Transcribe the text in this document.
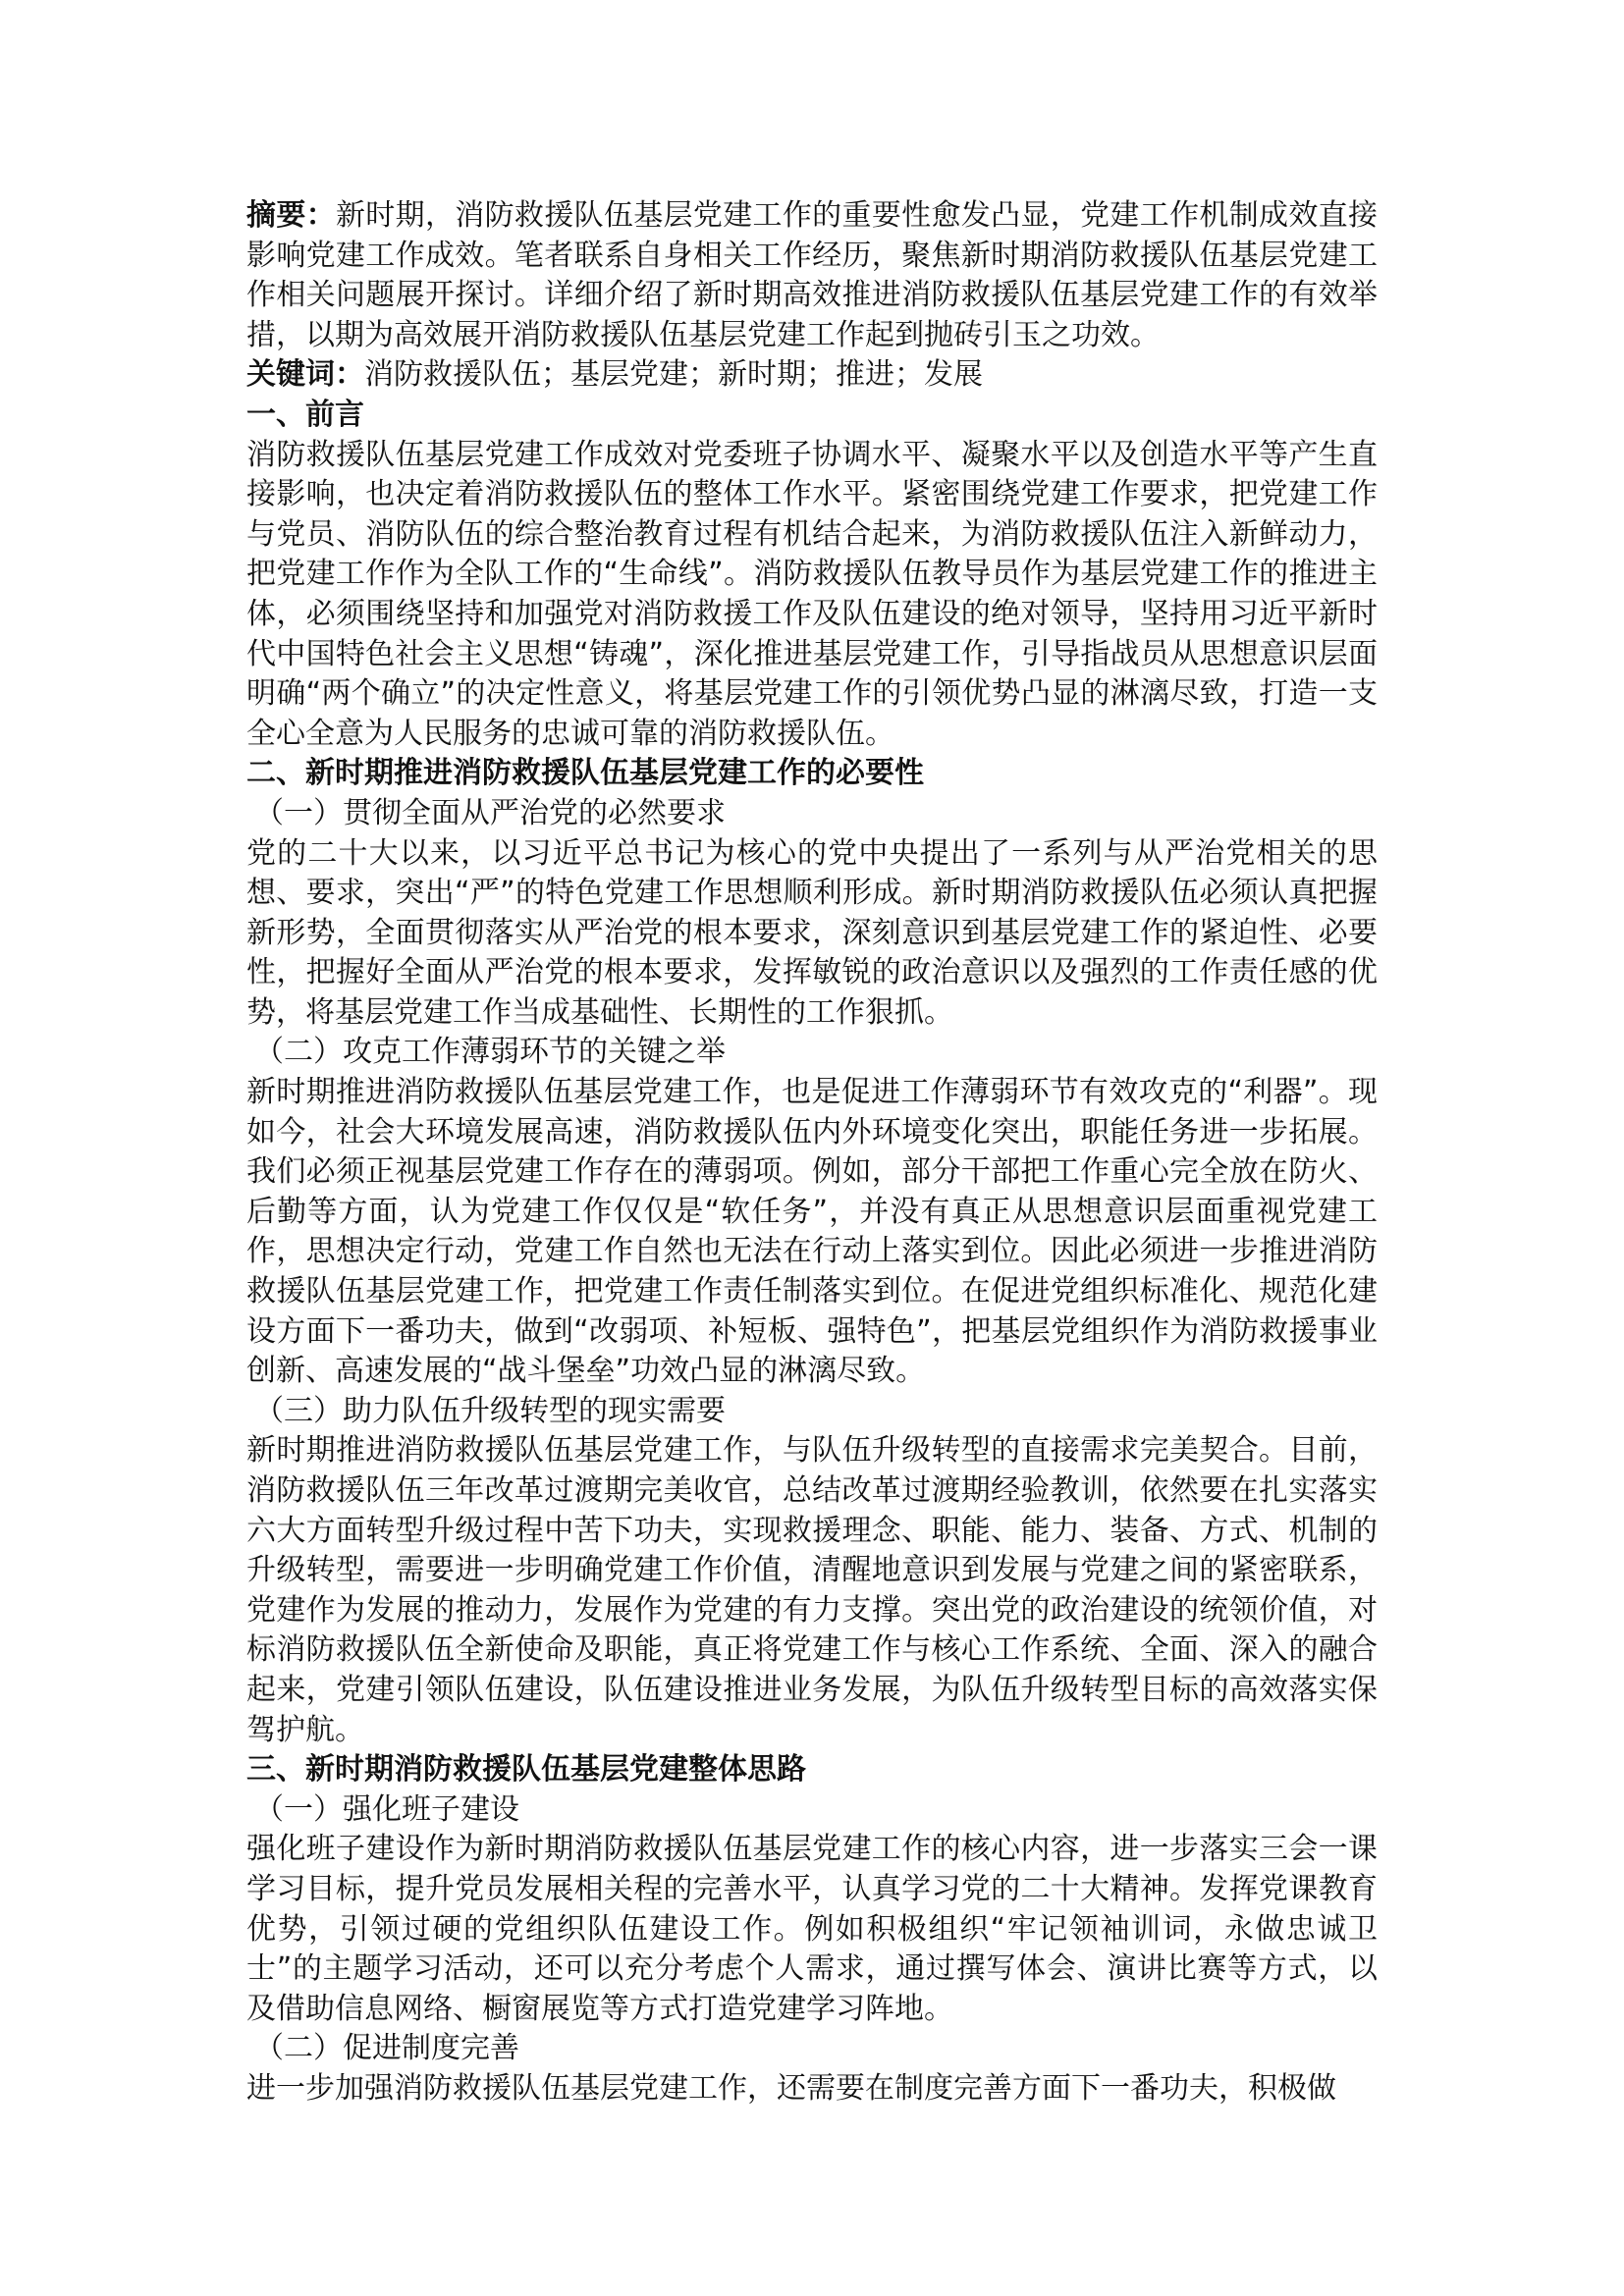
摘要：新时期，消防救援队伍基层党建工作的重要性愈发凸显，党建工作机制成效直接影响党建工作成效。笔者联系自身相关工作经历，聚焦新时期消防救援队伍基层党建工作相关问题展开探讨。详细介绍了新时期高效推进消防救援队伍基层党建工作的有效举措，以期为高效展开消防救援队伍基层党建工作起到抛砖引玉之功效。

关键词：消防救援队伍；基层党建；新时期；推进；发展

一、前言

消防救援队伍基层党建工作成效对党委班子协调水平、凝聚水平以及创造水平等产生直接影响，也决定着消防救援队伍的整体工作水平。紧密围绕党建工作要求，把党建工作与党员、消防队伍的综合整治教育过程有机结合起来，为消防救援队伍注入新鲜动力，把党建工作作为全队工作的“生命线”。消防救援队伍教导员作为基层党建工作的推进主体，必须围绕坚持和加强党对消防救援工作及队伍建设的绝对领导，坚持用习近平新时代中国特色社会主义思想“铸魂”，深化推进基层党建工作，引导指战员从思想意识层面明确“两个确立”的决定性意义，将基层党建工作的引领优势凸显的淋漓尽致，打造一支全心全意为人民服务的忠诚可靠的消防救援队伍。

二、新时期推进消防救援队伍基层党建工作的必要性

（一）贯彻全面从严治党的必然要求

党的二十大以来，以习近平总书记为核心的党中央提出了一系列与从严治党相关的思想、要求，突出“严”的特色党建工作思想顺利形成。新时期消防救援队伍必须认真把握新形势，全面贯彻落实从严治党的根本要求，深刻意识到基层党建工作的紧迫性、必要性，把握好全面从严治党的根本要求，发挥敏锐的政治意识以及强烈的工作责任感的优势，将基层党建工作当成基础性、长期性的工作狠抓。

（二）攻克工作薄弱环节的关键之举

新时期推进消防救援队伍基层党建工作，也是促进工作薄弱环节有效攻克的“利器”。现如今，社会大环境发展高速，消防救援队伍内外环境变化突出，职能任务进一步拓展。我们必须正视基层党建工作存在的薄弱项。例如，部分干部把工作重心完全放在防火、后勤等方面，认为党建工作仅仅是“软任务”，并没有真正从思想意识层面重视党建工作，思想决定行动，党建工作自然也无法在行动上落实到位。因此必须进一步推进消防救援队伍基层党建工作，把党建工作责任制落实到位。在促进党组织标准化、规范化建设方面下一番功夫，做到“改弱项、补短板、强特色”，把基层党组织作为消防救援事业创新、高速发展的“战斗堡垒”功效凸显的淋漓尽致。

（三）助力队伍升级转型的现实需要

新时期推进消防救援队伍基层党建工作，与队伍升级转型的直接需求完美契合。目前，消防救援队伍三年改革过渡期完美收官，总结改革过渡期经验教训，依然要在扎实落实六大方面转型升级过程中苦下功夫，实现救援理念、职能、能力、装备、方式、机制的升级转型，需要进一步明确党建工作价值，清醒地意识到发展与党建之间的紧密联系，党建作为发展的推动力，发展作为党建的有力支撑。突出党的政治建设的统领价值，对标消防救援队伍全新使命及职能，真正将党建工作与核心工作系统、全面、深入的融合起来，党建引领队伍建设，队伍建设推进业务发展，为队伍升级转型目标的高效落实保驾护航。

三、新时期消防救援队伍基层党建整体思路

（一）强化班子建设

强化班子建设作为新时期消防救援队伍基层党建工作的核心内容，进一步落实三会一课学习目标，提升党员发展相关程的完善水平，认真学习党的二十大精神。发挥党课教育优势，引领过硬的党组织队伍建设工作。例如积极组织“牢记领袖训词，永做忠诚卫士”的主题学习活动，还可以充分考虑个人需求，通过撰写体会、演讲比赛等方式，以及借助信息网络、橱窗展览等方式打造党建学习阵地。

（二）促进制度完善

进一步加强消防救援队伍基层党建工作，还需要在制度完善方面下一番功夫，积极做
